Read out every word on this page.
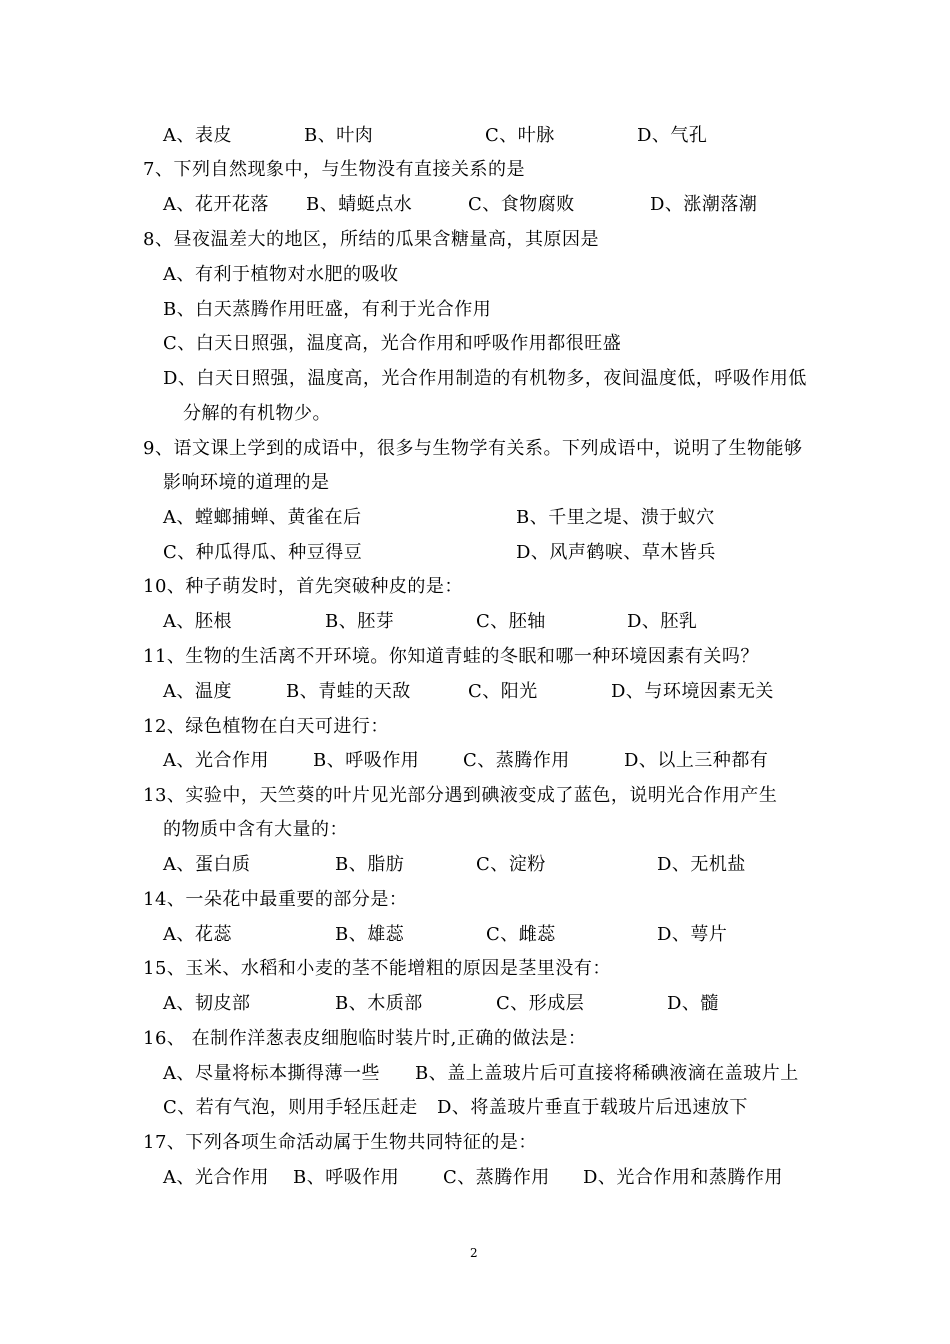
A、表皮	B、叶肉	C、叶脉	D、气孔
7、下列自然现象中，与生物没有直接关系的是
A、花开花落 B、蜻蜓点水	C、食物腐败	D、涨潮落潮
8、昼夜温差大的地区，所结的瓜果含糖量高，其原因是
A、有利于植物对水肥的吸收
B、白天蒸腾作用旺盛，有利于光合作用
C、白天日照强，温度高，光合作用和呼吸作用都很旺盛
D、白天日照强，温度高，光合作用制造的有机物多，夜间温度低，呼吸作用低
分解的有机物少。
9、语文课上学到的成语中，很多与生物学有关系。下列成语中，说明了生物能够
影响环境的道理的是
A、螳螂捕蝉、黄雀在后	B、千里之堤、溃于蚁穴
C、种瓜得瓜、种豆得豆	D、风声鹤唳、草木皆兵
10、种子萌发时，首先突破种皮的是：
A、胚根	B、胚芽	C、胚轴	D、胚乳
11、生物的生活离不开环境。你知道青蛙的冬眠和哪一种环境因素有关吗？
A、温度	B、青蛙的天敌	C、阳光	D、与环境因素无关
12、绿色植物在白天可进行：
A、光合作用 B、呼吸作用 C、蒸腾作用	D、以上三种都有
13、实验中，天竺葵的叶片见光部分遇到碘液变成了蓝色，说明光合作用产生
的物质中含有大量的：
A、蛋白质	B、脂肪	C、淀粉	D、无机盐
14、一朵花中最重要的部分是：
A、花蕊	B、雄蕊	C、雌蕊	D、萼片
15、玉米、水稻和小麦的茎不能增粗的原因是茎里没有：
A、韧皮部	B、木质部	C、形成层	D、髓
16、 在制作洋葱表皮细胞临时装片时,正确的做法是：
A、尽量将标本撕得薄一些 B、盖上盖玻片后可直接将稀碘液滴在盖玻片上
C、若有气泡，则用手轻压赶走 D、将盖玻片垂直于载玻片后迅速放下
17、下列各项生命活动属于生物共同特征的是：
A、光合作用 B、呼吸作用 C、蒸腾作用 D、光合作用和蒸腾作用
2
